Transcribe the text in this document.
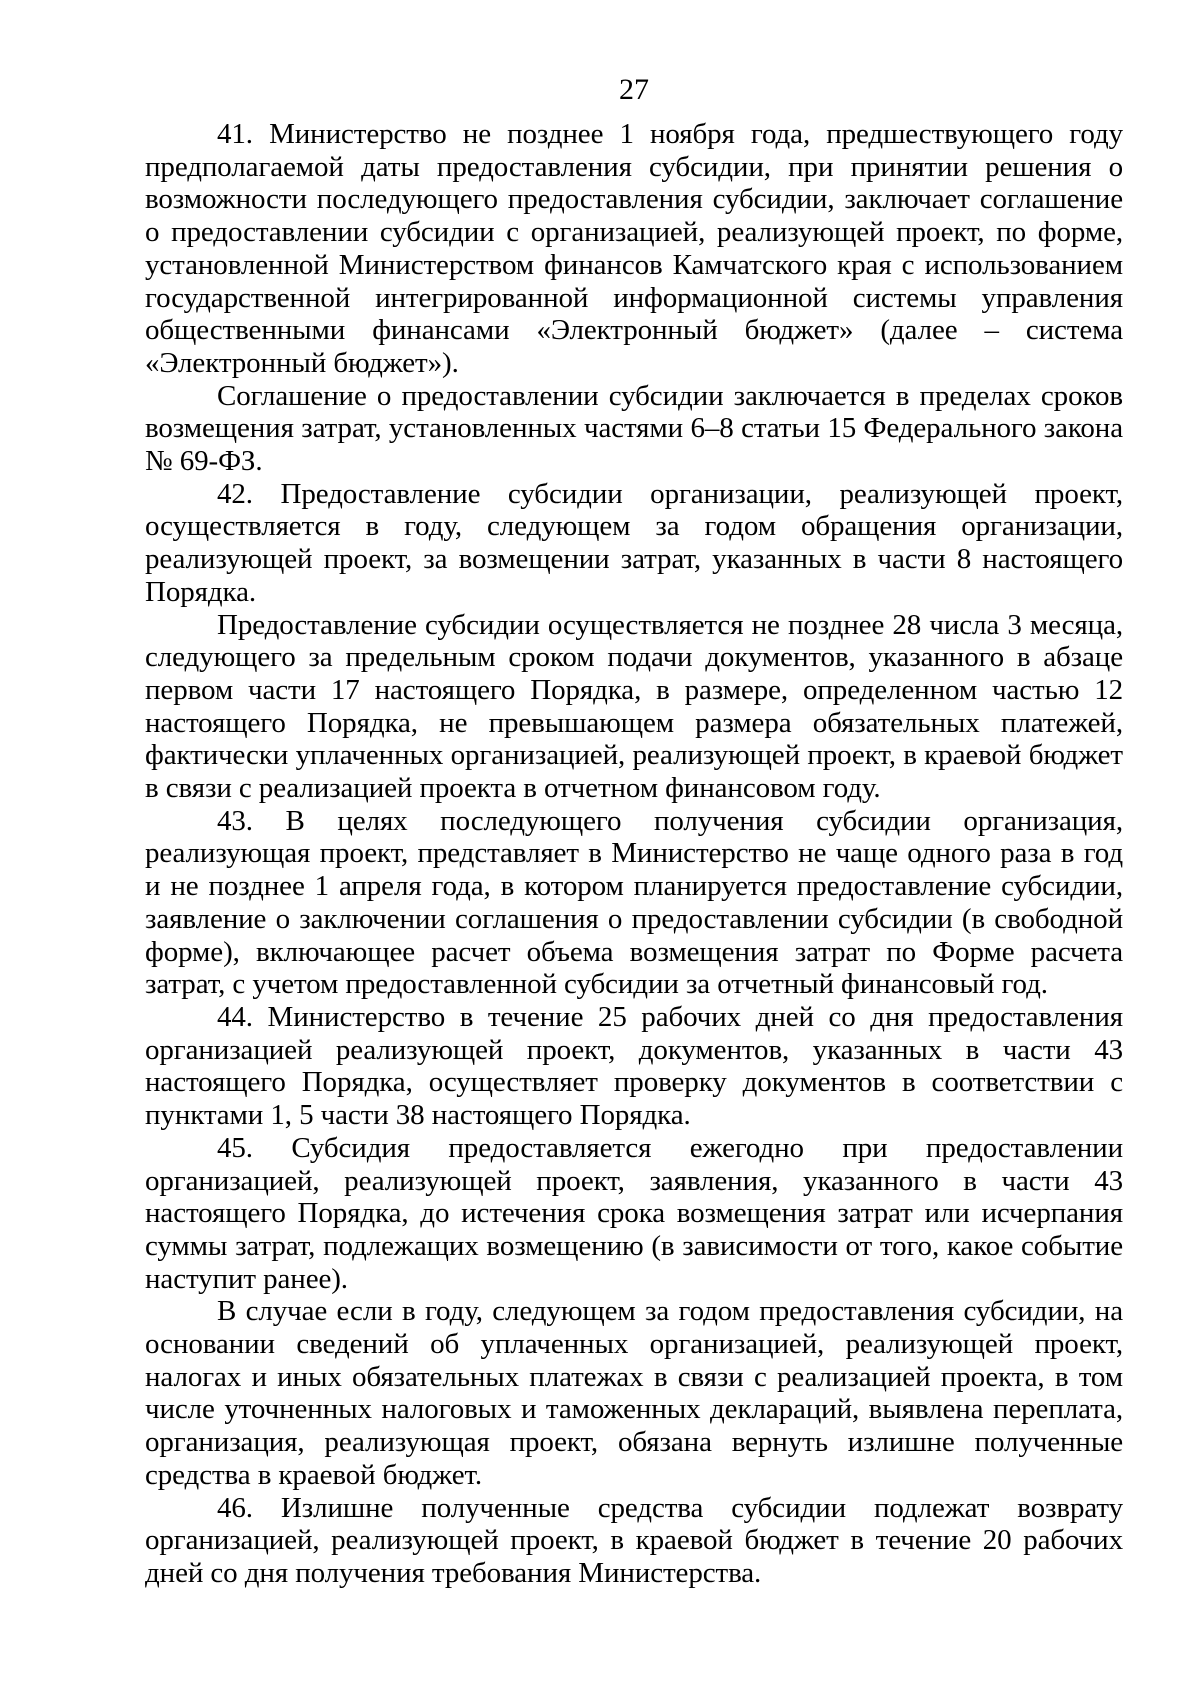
27

41. Министерство не позднее 1 ноября года, предшествующего году предполагаемой даты предоставления субсидии, при принятии решения о возможности последующего предоставления субсидии, заключает соглашение о предоставлении субсидии с организацией, реализующей проект, по форме, установленной Министерством финансов Камчатского края с использованием государственной интегрированной информационной системы управления общественными финансами «Электронный бюджет» (далее – система «Электронный бюджет»).

Соглашение о предоставлении субсидии заключается в пределах сроков возмещения затрат, установленных частями 6–8 статьи 15 Федерального закона № 69-ФЗ.

42. Предоставление субсидии организации, реализующей проект, осуществляется в году, следующем за годом обращения организации, реализующей проект, за возмещении затрат, указанных в части 8 настоящего Порядка.

Предоставление субсидии осуществляется не позднее 28 числа 3 месяца, следующего за предельным сроком подачи документов, указанного в абзаце первом части 17 настоящего Порядка, в размере, определенном частью 12 настоящего Порядка, не превышающем размера обязательных платежей, фактически уплаченных организацией, реализующей проект, в краевой бюджет в связи с реализацией проекта в отчетном финансовом году.

43. В целях последующего получения субсидии организация, реализующая проект, представляет в Министерство не чаще одного раза в год и не позднее 1 апреля года, в котором планируется предоставление субсидии, заявление о заключении соглашения о предоставлении субсидии (в свободной форме), включающее расчет объема возмещения затрат по Форме расчета затрат, с учетом предоставленной субсидии за отчетный финансовый год.

44. Министерство в течение 25 рабочих дней со дня предоставления организацией реализующей проект, документов, указанных в части 43 настоящего Порядка, осуществляет проверку документов в соответствии с пунктами 1, 5 части 38 настоящего Порядка.

45. Субсидия предоставляется ежегодно при предоставлении организацией, реализующей проект, заявления, указанного в части 43 настоящего Порядка, до истечения срока возмещения затрат или исчерпания суммы затрат, подлежащих возмещению (в зависимости от того, какое событие наступит ранее).

В случае если в году, следующем за годом предоставления субсидии, на основании сведений об уплаченных организацией, реализующей проект, налогах и иных обязательных платежах в связи с реализацией проекта, в том числе уточненных налоговых и таможенных деклараций, выявлена переплата, организация, реализующая проект, обязана вернуть излишне полученные средства в краевой бюджет.

46. Излишне полученные средства субсидии подлежат возврату организацией, реализующей проект, в краевой бюджет в течение 20 рабочих дней со дня получения требования Министерства.
